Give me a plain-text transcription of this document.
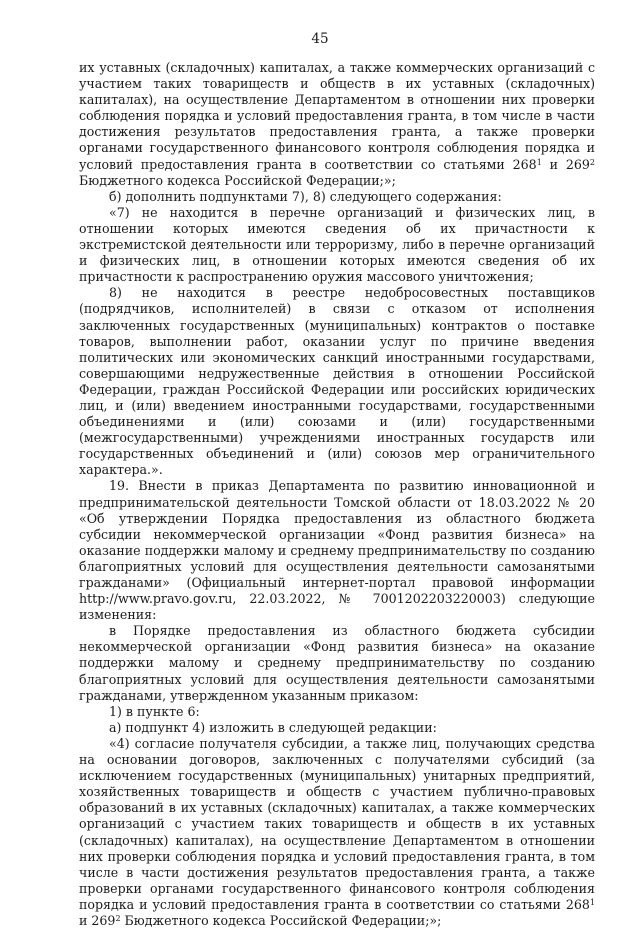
45

их уставных (складочных) капиталах, а также коммерческих организаций с участием таких товариществ и обществ в их уставных (складочных) капиталах), на осуществление Департаментом в отношении них проверки соблюдения порядка и условий предоставления гранта, в том числе в части достижения результатов предоставления гранта, а также проверки органами государственного финансового контроля соблюдения порядка и условий предоставления гранта в соответствии со статьями $268^1$ и $269^2$ Бюджетного кодекса Российской Федерации;»;

б) дополнить подпунктами 7), 8) следующего содержания:

«7) не находится в перечне организаций и физических лиц, в отношении которых имеются сведения об их причастности к экстремистской деятельности или терроризму, либо в перечне организаций и физических лиц, в отношении которых имеются сведения об их причастности к распространению оружия массового уничтожения;

8) не находится в реестре недобросовестных поставщиков (подрядчиков, исполнителей) в связи с отказом от исполнения заключенных государственных (муниципальных) контрактов о поставке товаров, выполнении работ, оказании услуг по причине введения политических или экономических санкций иностранными государствами, совершающими недружественные действия в отношении Российской Федерации, граждан Российской Федерации или российских юридических лиц, и (или) введением иностранными государствами, государственными объединениями и (или) союзами и (или) государственными (межгосударственными) учреждениями иностранных государств или государственных объединений и (или) союзов мер ограничительного характера.».

19. Внести в приказ Департамента по развитию инновационной и предпринимательской деятельности Томской области от 18.03.2022 № 20 «Об утверждении Порядка предоставления из областного бюджета субсидии некоммерческой организации «Фонд развития бизнеса» на оказание поддержки малому и среднему предпринимательству по созданию благоприятных условий для осуществления деятельности самозанятыми гражданами» (Официальный интернет-портал правовой информации http://www.pravo.gov.ru, 22.03.2022, № 7001202203220003) следующие изменения:

в Порядке предоставления из областного бюджета субсидии некоммерческой организации «Фонд развития бизнеса» на оказание поддержки малому и среднему предпринимательству по созданию благоприятных условий для осуществления деятельности самозанятыми гражданами, утвержденном указанным приказом:

1) в пункте 6:

а) подпункт 4) изложить в следующей редакции:

«4) согласие получателя субсидии, а также лиц, получающих средства на основании договоров, заключенных с получателями субсидий (за исключением государственных (муниципальных) унитарных предприятий, хозяйственных товариществ и обществ с участием публично-правовых образований в их уставных (складочных) капиталах, а также коммерческих организаций с участием таких товариществ и обществ в их уставных (складочных) капиталах), на осуществление Департаментом в отношении них проверки соблюдения порядка и условий предоставления гранта, в том числе в части достижения результатов предоставления гранта, а также проверки органами государственного финансового контроля соблюдения порядка и условий предоставления гранта в соответствии со статьями $268^1$ и $269^2$ Бюджетного кодекса Российской Федерации;»;
